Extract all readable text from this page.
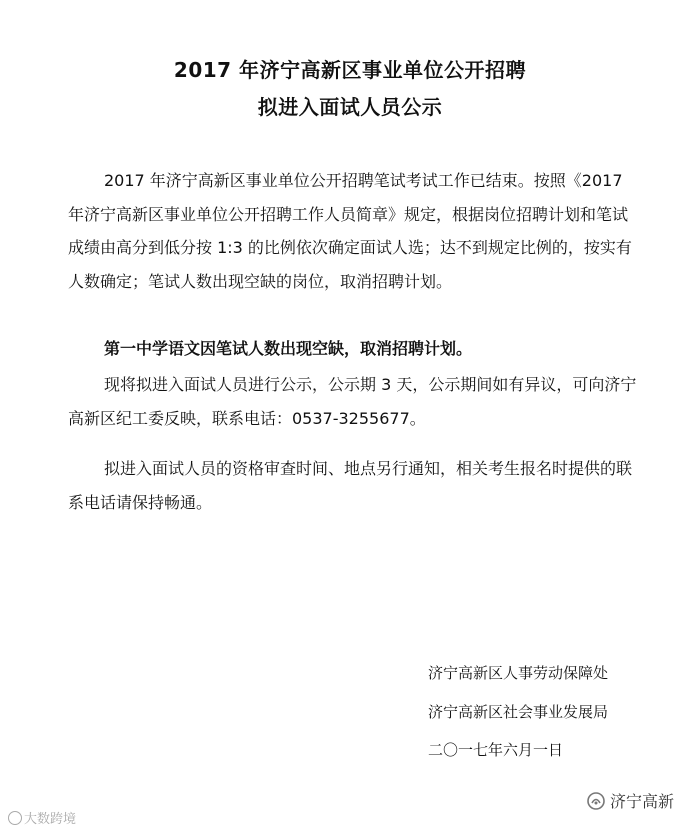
2017 年济宁高新区事业单位公开招聘
拟进入面试人员公示
2017 年济宁高新区事业单位公开招聘笔试考试工作已结束。按照《2017
年济宁高新区事业单位公开招聘工作人员简章》规定，根据岗位招聘计划和笔试
成绩由高分到低分按 1:3 的比例依次确定面试人选；达不到规定比例的，按实有
人数确定；笔试人数出现空缺的岗位，取消招聘计划。
第一中学语文因笔试人数出现空缺，取消招聘计划。
现将拟进入面试人员进行公示，公示期 3 天，公示期间如有异议，可向济宁
高新区纪工委反映，联系电话：0537-3255677。
拟进入面试人员的资格审查时间、地点另行通知，相关考生报名时提供的联
系电话请保持畅通。
济宁高新区人事劳动保障处
济宁高新区社会事业发展局
二〇一七年六月一日
大数跨境
济宁高新
